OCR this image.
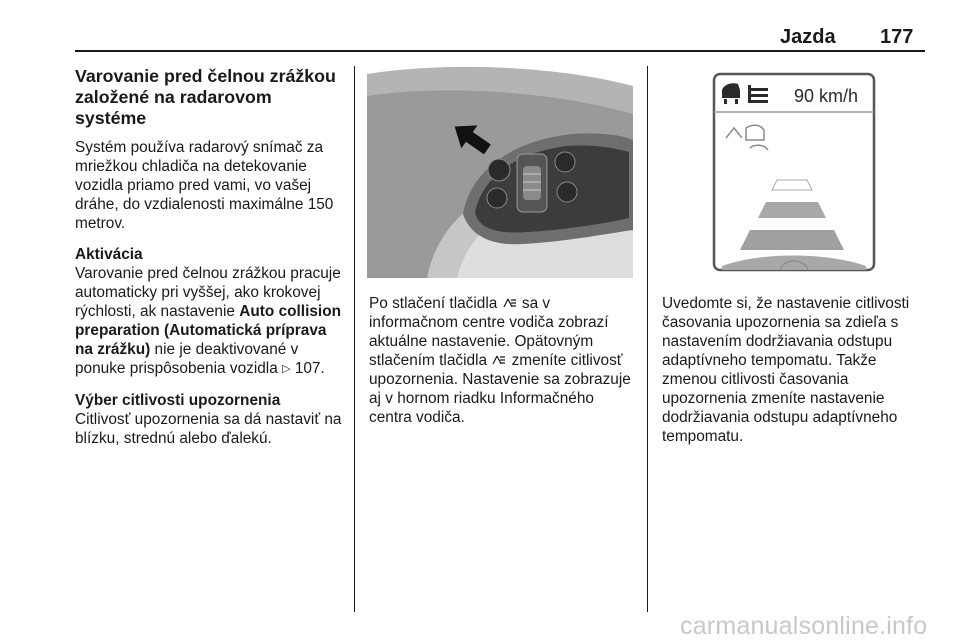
Jazda 177
Varovanie pred čelnou zrážkou
založené na radarovom systéme

Systém používa radarový snímač za mriežkou chladiča na detekovanie vozidla priamo pred vami, vo vašej dráhe, do vzdialenosti maximálne 150 metrov.

Aktivácia
Varovanie pred čelnou zrážkou pracuje automaticky pri vyššej, ako krokovej rýchlosti, ak nastavenie Auto collision preparation (Automatická príprava na zrážku) nie je deaktivované v ponuke prispôsobenia vozidla ▷ 107.

Výber citlivosti upozornenia
Citlivosť upozornenia sa dá nastaviť na blízku, strednú alebo ďalekú.

Po stlačení tlačidla  sa v informačnom centre vodiča zobrazí aktuálne nastavenie. Opätovným stlačením tlačidla  zmeníte citlivosť upozornenia. Nastavenie sa zobrazuje aj v hornom riadku Informačného centra vodiča.

90 km/h

Uvedomte si, že nastavenie citlivosti časovania upozornenia sa zdieľa s nastavením dodržiavania odstupu adaptívneho tempomatu. Takže zmenou citlivosti časovania upozornenia zmeníte nastavenie dodržiavania odstupu adaptívneho tempomatu.

carmanualsonline.info
